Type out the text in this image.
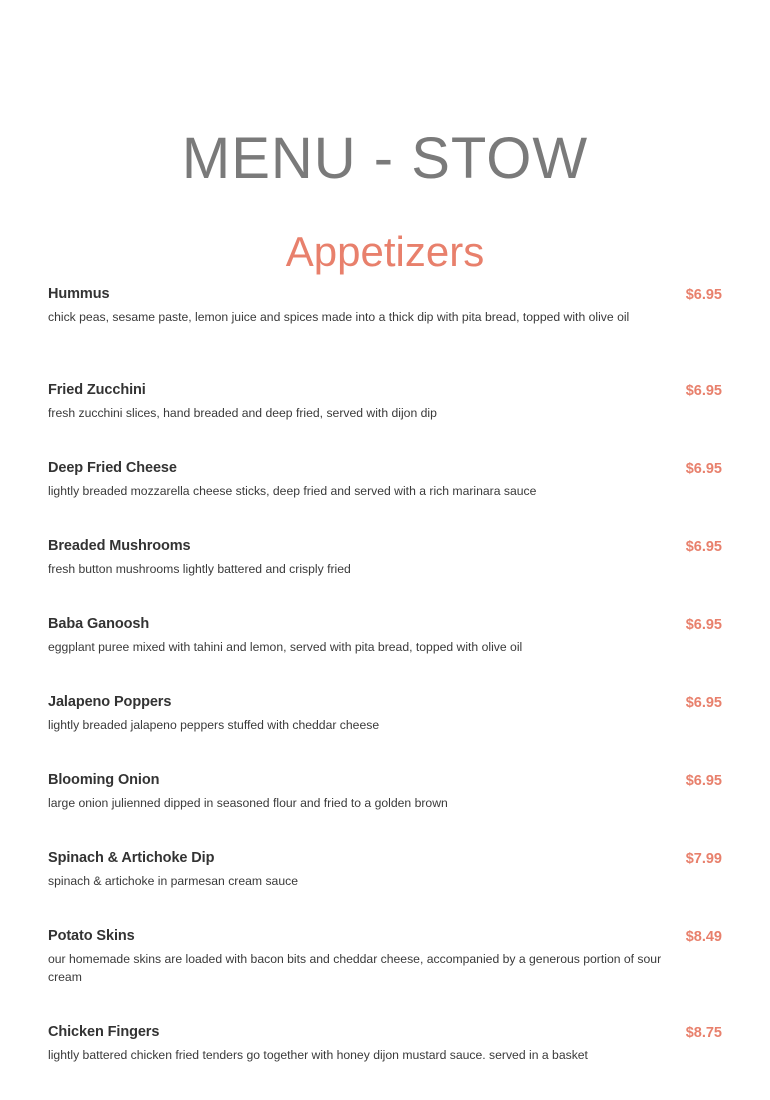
MENU - STOW
Appetizers
Hummus	$6.95
chick peas, sesame paste, lemon juice and spices made into a thick dip with pita bread, topped with olive oil
Fried Zucchini	$6.95
fresh zucchini slices, hand breaded and deep fried, served with dijon dip
Deep Fried Cheese	$6.95
lightly breaded mozzarella cheese sticks, deep fried and served with a rich marinara sauce
Breaded Mushrooms	$6.95
fresh button mushrooms lightly battered and crisply fried
Baba Ganoosh	$6.95
eggplant puree mixed with tahini and lemon, served with pita bread, topped with olive oil
Jalapeno Poppers	$6.95
lightly breaded jalapeno peppers stuffed with cheddar cheese
Blooming Onion	$6.95
large onion julienned dipped in seasoned flour and fried to a golden brown
Spinach & Artichoke Dip	$7.99
spinach & artichoke in parmesan cream sauce
Potato Skins	$8.49
our homemade skins are loaded with bacon bits and cheddar cheese, accompanied by a generous portion of sour cream
Chicken Fingers	$8.75
lightly battered chicken fried tenders go together with honey dijon mustard sauce. served in a basket
